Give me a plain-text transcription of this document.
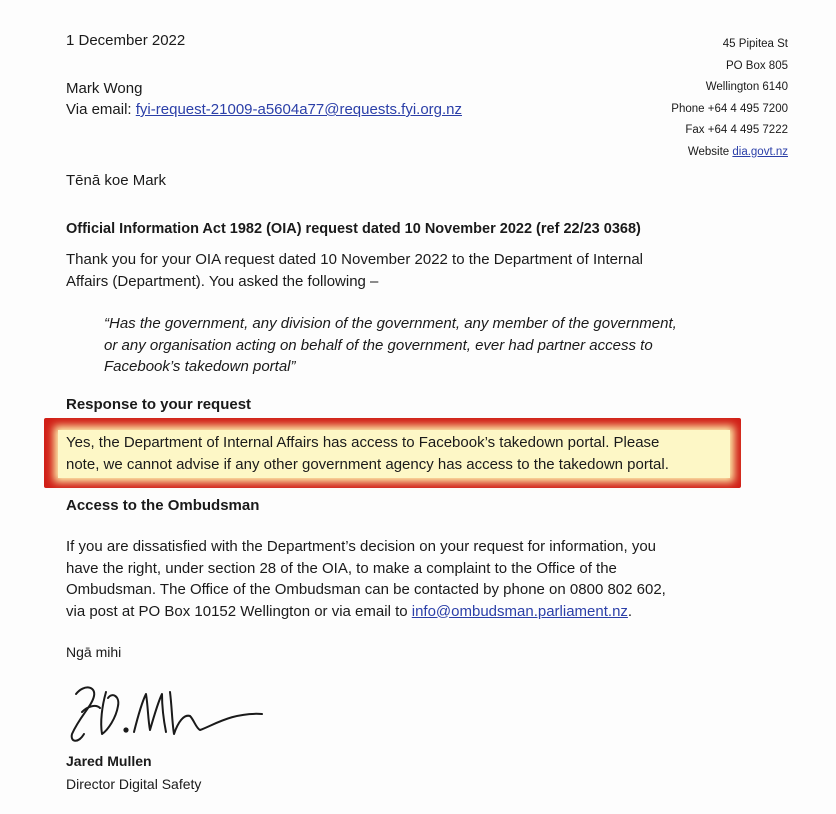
1 December 2022
Mark Wong
Via email: fyi-request-21009-a5604a77@requests.fyi.org.nz
45 Pipitea St
PO Box 805
Wellington 6140
Phone +64 4 495 7200
Fax +64 4 495 7222
Website dia.govt.nz
Tēnā koe Mark
Official Information Act 1982 (OIA) request dated 10 November 2022 (ref 22/23 0368)
Thank you for your OIA request dated 10 November 2022 to the Department of Internal
Affairs (Department). You asked the following –
“Has the government, any division of the government, any member of the government,
or any organisation acting on behalf of the government, ever had partner access to
Facebook’s takedown portal”
Response to your request
Yes, the Department of Internal Affairs has access to Facebook’s takedown portal. Please
note, we cannot advise if any other government agency has access to the takedown portal.
Access to the Ombudsman
If you are dissatisfied with the Department’s decision on your request for information, you
have the right, under section 28 of the OIA, to make a complaint to the Office of the
Ombudsman. The Office of the Ombudsman can be contacted by phone on 0800 802 602,
via post at PO Box 10152 Wellington or via email to info@ombudsman.parliament.nz.
Ngā mihi
Jared Mullen
Director Digital Safety
